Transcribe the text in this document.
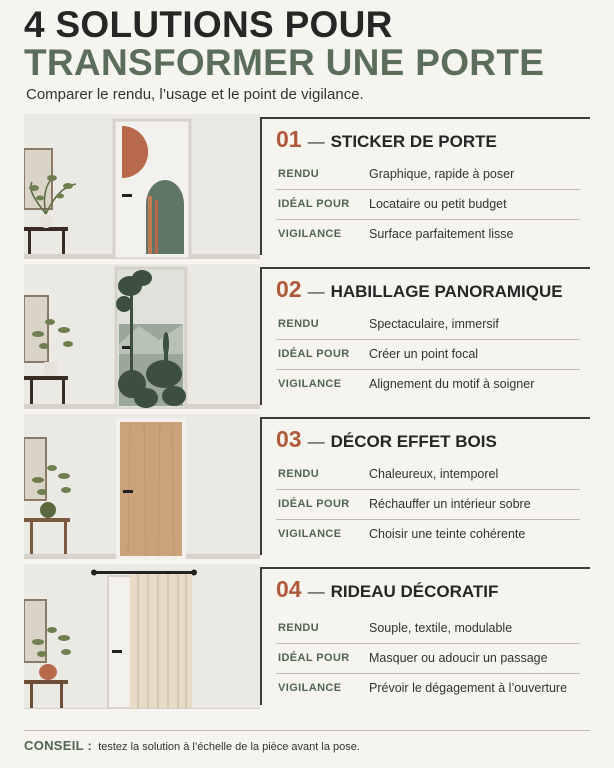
4 SOLUTIONS POUR
TRANSFORMER UNE PORTE
Comparer le rendu, l’usage et le point de vigilance.
01 — STICKER DE PORTE
RENDU	Graphique, rapide à poser
IDÉAL POUR Locataire ou petit budget
VIGILANCE Surface parfaitement lisse
02 — HABILLAGE PANORAMIQUE
RENDU	Spectaculaire, immersif
IDÉAL POUR Créer un point focal
VIGILANCE Alignement du motif à soigner
03 — DÉCOR EFFET BOIS
RENDU	Chaleureux, intemporel
IDÉAL POUR Réchauffer un intérieur sobre
VIGILANCE Choisir une teinte cohérente
04 — RIDEAU DÉCORATIF
RENDU	Souple, textile, modulable
IDÉAL POUR Masquer ou adoucir un passage
VIGILANCE Prévoir le dégagement à l’ouverture
CONSEIL : testez la solution à l’échelle de la pièce avant la pose.
